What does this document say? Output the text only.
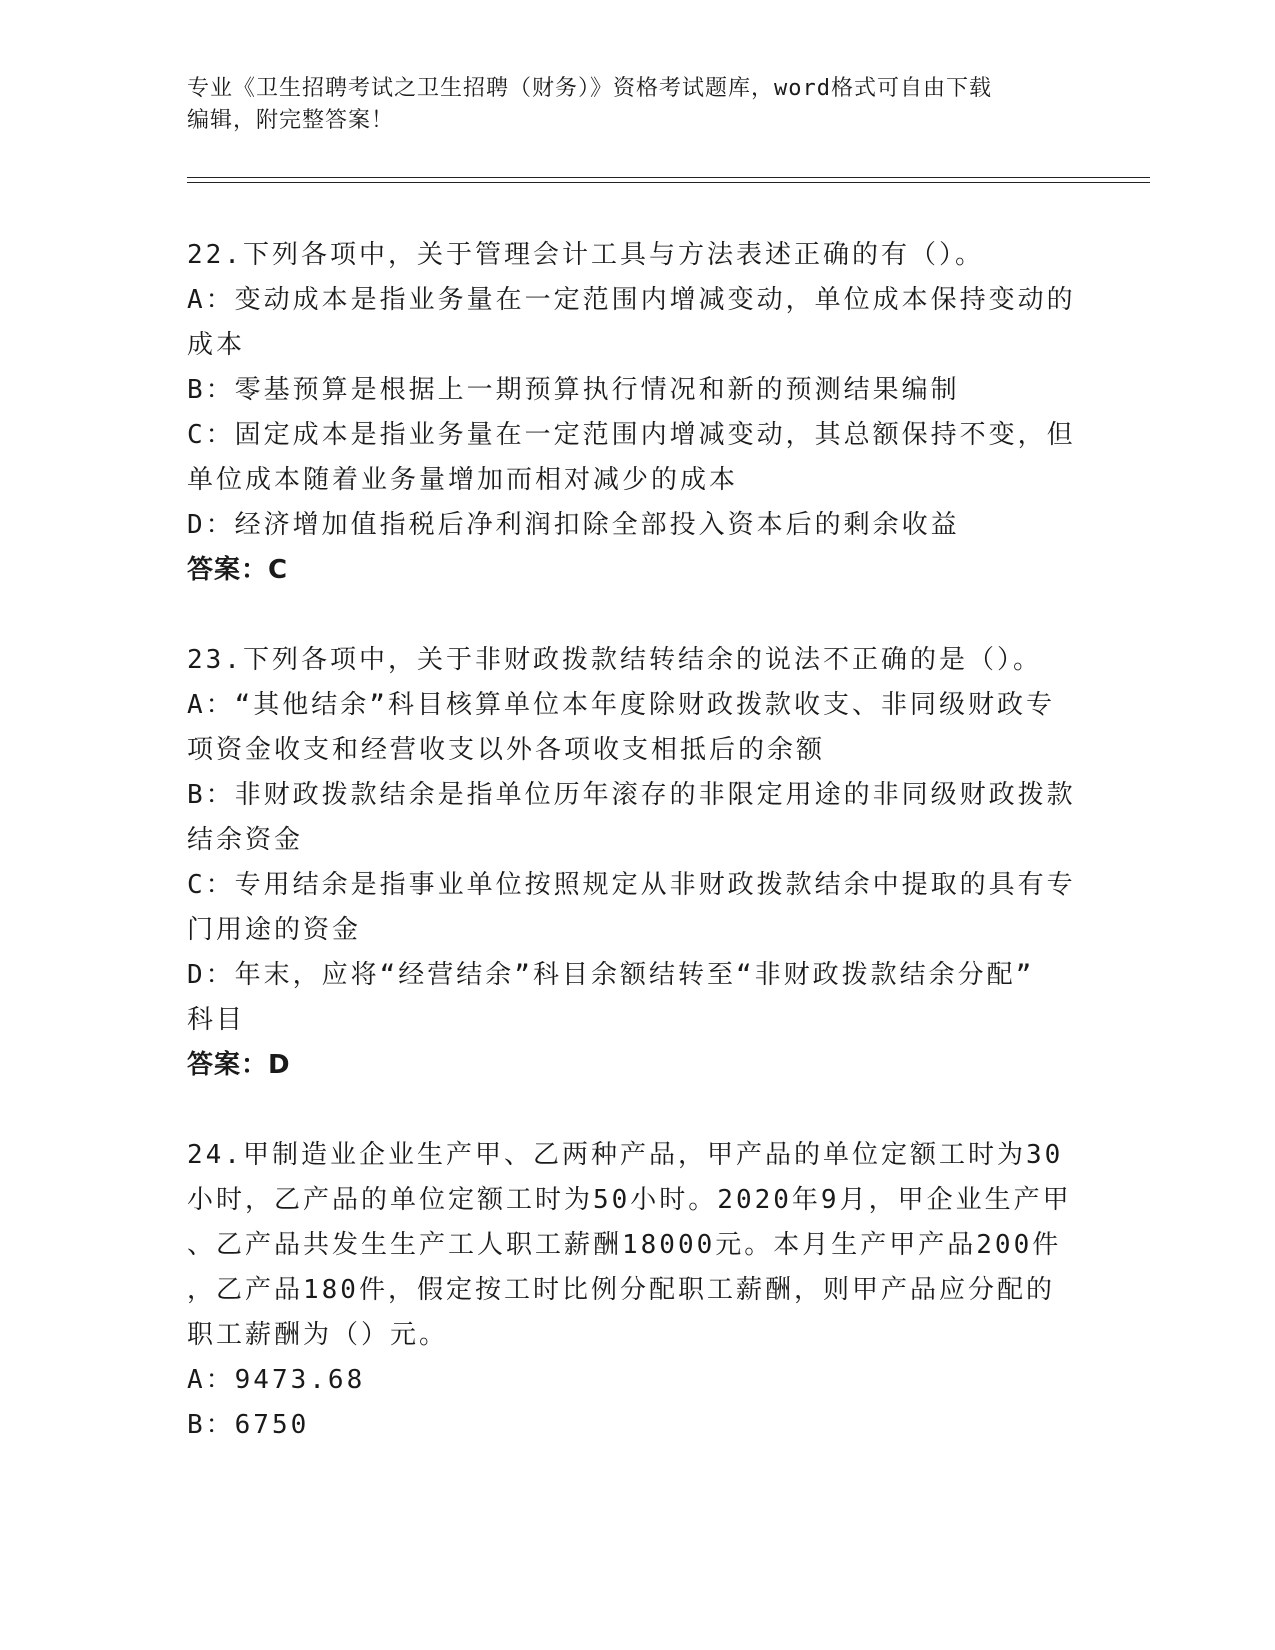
专业《卫生招聘考试之卫生招聘（财务）》资格考试题库，word格式可自由下载
编辑，附完整答案！

22.下列各项中，关于管理会计工具与方法表述正确的有（）。

A：变动成本是指业务量在一定范围内增减变动，单位成本保持变动的

成本

B：零基预算是根据上一期预算执行情况和新的预测结果编制

C：固定成本是指业务量在一定范围内增减变动，其总额保持不变，但

单位成本随着业务量增加而相对减少的成本

D：经济增加值指税后净利润扣除全部投入资本后的剩余收益

答案：C

23.下列各项中，关于非财政拨款结转结余的说法不正确的是（）。

A：“其他结余”科目核算单位本年度除财政拨款收支、非同级财政专

项资金收支和经营收支以外各项收支相抵后的余额

B：非财政拨款结余是指单位历年滚存的非限定用途的非同级财政拨款

结余资金

C：专用结余是指事业单位按照规定从非财政拨款结余中提取的具有专

门用途的资金

D：年末，应将“经营结余”科目余额结转至“非财政拨款结余分配”

科目

答案：D

24.甲制造业企业生产甲、乙两种产品，甲产品的单位定额工时为30

小时，乙产品的单位定额工时为50小时。2020年9月，甲企业生产甲

、乙产品共发生生产工人职工薪酬18000元。本月生产甲产品200件

，乙产品180件，假定按工时比例分配职工薪酬，则甲产品应分配的

职工薪酬为（）元。

A：9473.68

B：6750
